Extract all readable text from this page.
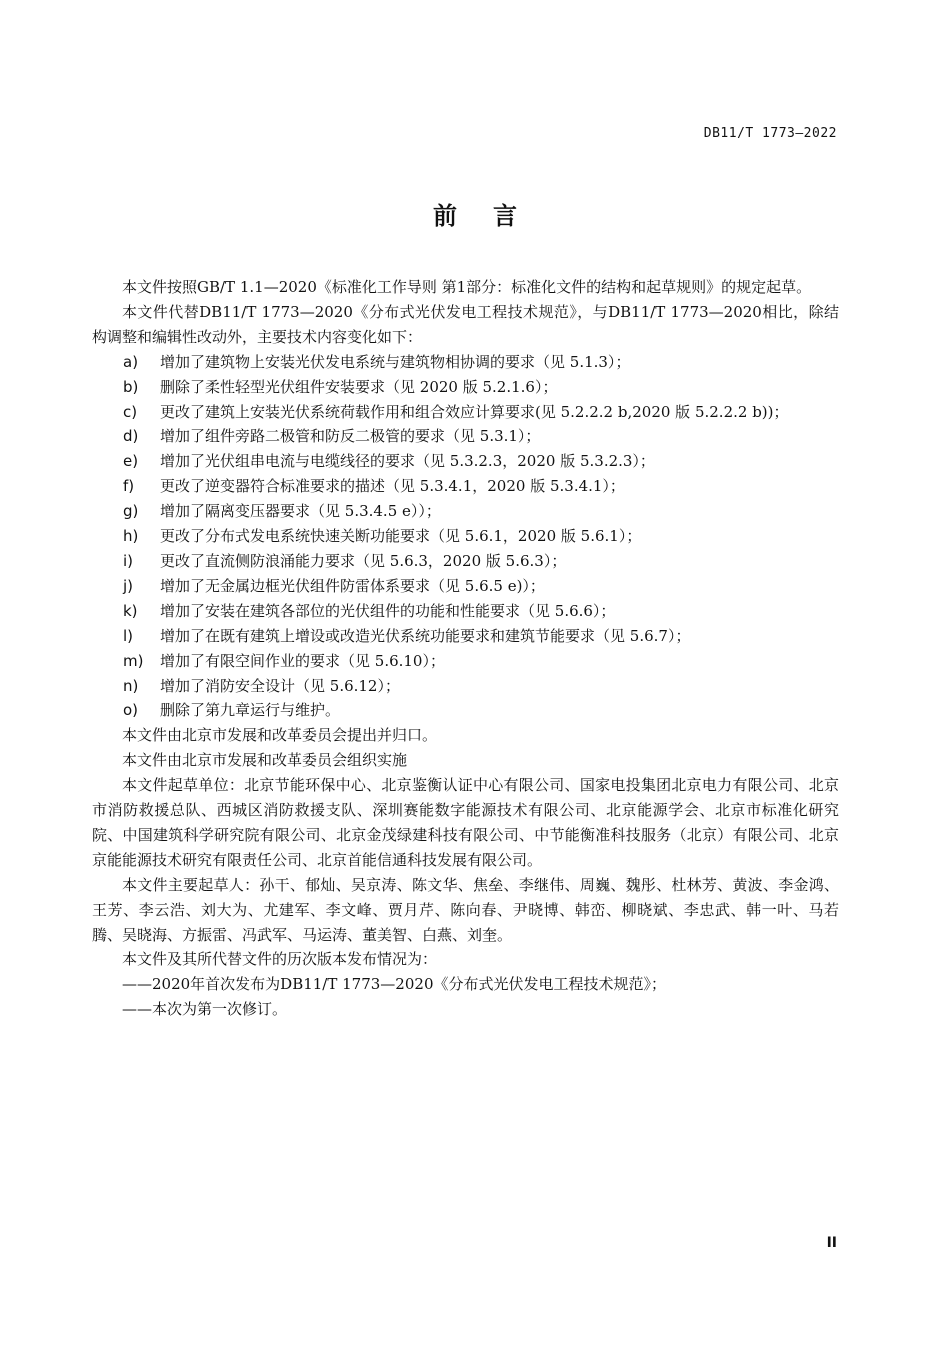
DB11/T 1773—2022
前言

本文件按照GB/T 1.1—2020《标准化工作导则 第1部分：标准化文件的结构和起草规则》的规定起草。

本文件代替DB11/T 1773—2020《分布式光伏发电工程技术规范》，与DB11/T 1773—2020相比，除结构调整和编辑性改动外，主要技术内容变化如下：

a) 增加了建筑物上安装光伏发电系统与建筑物相协调的要求（见 5.1.3）；

b) 删除了柔性轻型光伏组件安装要求（见 2020 版 5.2.1.6）；

c) 更改了建筑上安装光伏系统荷载作用和组合效应计算要求(见 5.2.2.2 b,2020 版 5.2.2.2 b))；

d) 增加了组件旁路二极管和防反二极管的要求（见 5.3.1）；

e) 增加了光伏组串电流与电缆线径的要求（见 5.3.2.3，2020 版 5.3.2.3）；

f) 更改了逆变器符合标准要求的描述（见 5.3.4.1，2020 版 5.3.4.1）；

g) 增加了隔离变压器要求（见 5.3.4.5 e））；

h) 更改了分布式发电系统快速关断功能要求（见 5.6.1，2020 版 5.6.1）；

i) 更改了直流侧防浪涌能力要求（见 5.6.3，2020 版 5.6.3）；

j) 增加了无金属边框光伏组件防雷体系要求（见 5.6.5 e)）；

k) 增加了安装在建筑各部位的光伏组件的功能和性能要求（见 5.6.6）；

l) 增加了在既有建筑上增设或改造光伏系统功能要求和建筑节能要求（见 5.6.7）；

m) 增加了有限空间作业的要求（见 5.6.10）；

n) 增加了消防安全设计（见 5.6.12）；

o) 删除了第九章运行与维护。

本文件由北京市发展和改革委员会提出并归口。

本文件由北京市发展和改革委员会组织实施

本文件起草单位：北京节能环保中心、北京鉴衡认证中心有限公司、国家电投集团北京电力有限公司、北京市消防救援总队、西城区消防救援支队、深圳赛能数字能源技术有限公司、北京能源学会、北京市标准化研究院、中国建筑科学研究院有限公司、北京金茂绿建科技有限公司、中节能衡准科技服务（北京）有限公司、北京京能能源技术研究有限责任公司、北京首能信通科技发展有限公司。

本文件主要起草人：孙干、郁灿、吴京涛、陈文华、焦垒、李继伟、周巍、魏彤、杜林芳、黄波、李金鸿、王芳、李云浩、刘大为、尤建军、李文峰、贾月芹、陈向春、尹晓博、韩峦、柳晓斌、李忠武、韩一叶、马若腾、吴晓海、方振雷、冯武军、马运涛、董美智、白燕、刘奎。

本文件及其所代替文件的历次版本发布情况为：

——2020年首次发布为DB11/T 1773—2020《分布式光伏发电工程技术规范》；

——本次为第一次修订。

II
